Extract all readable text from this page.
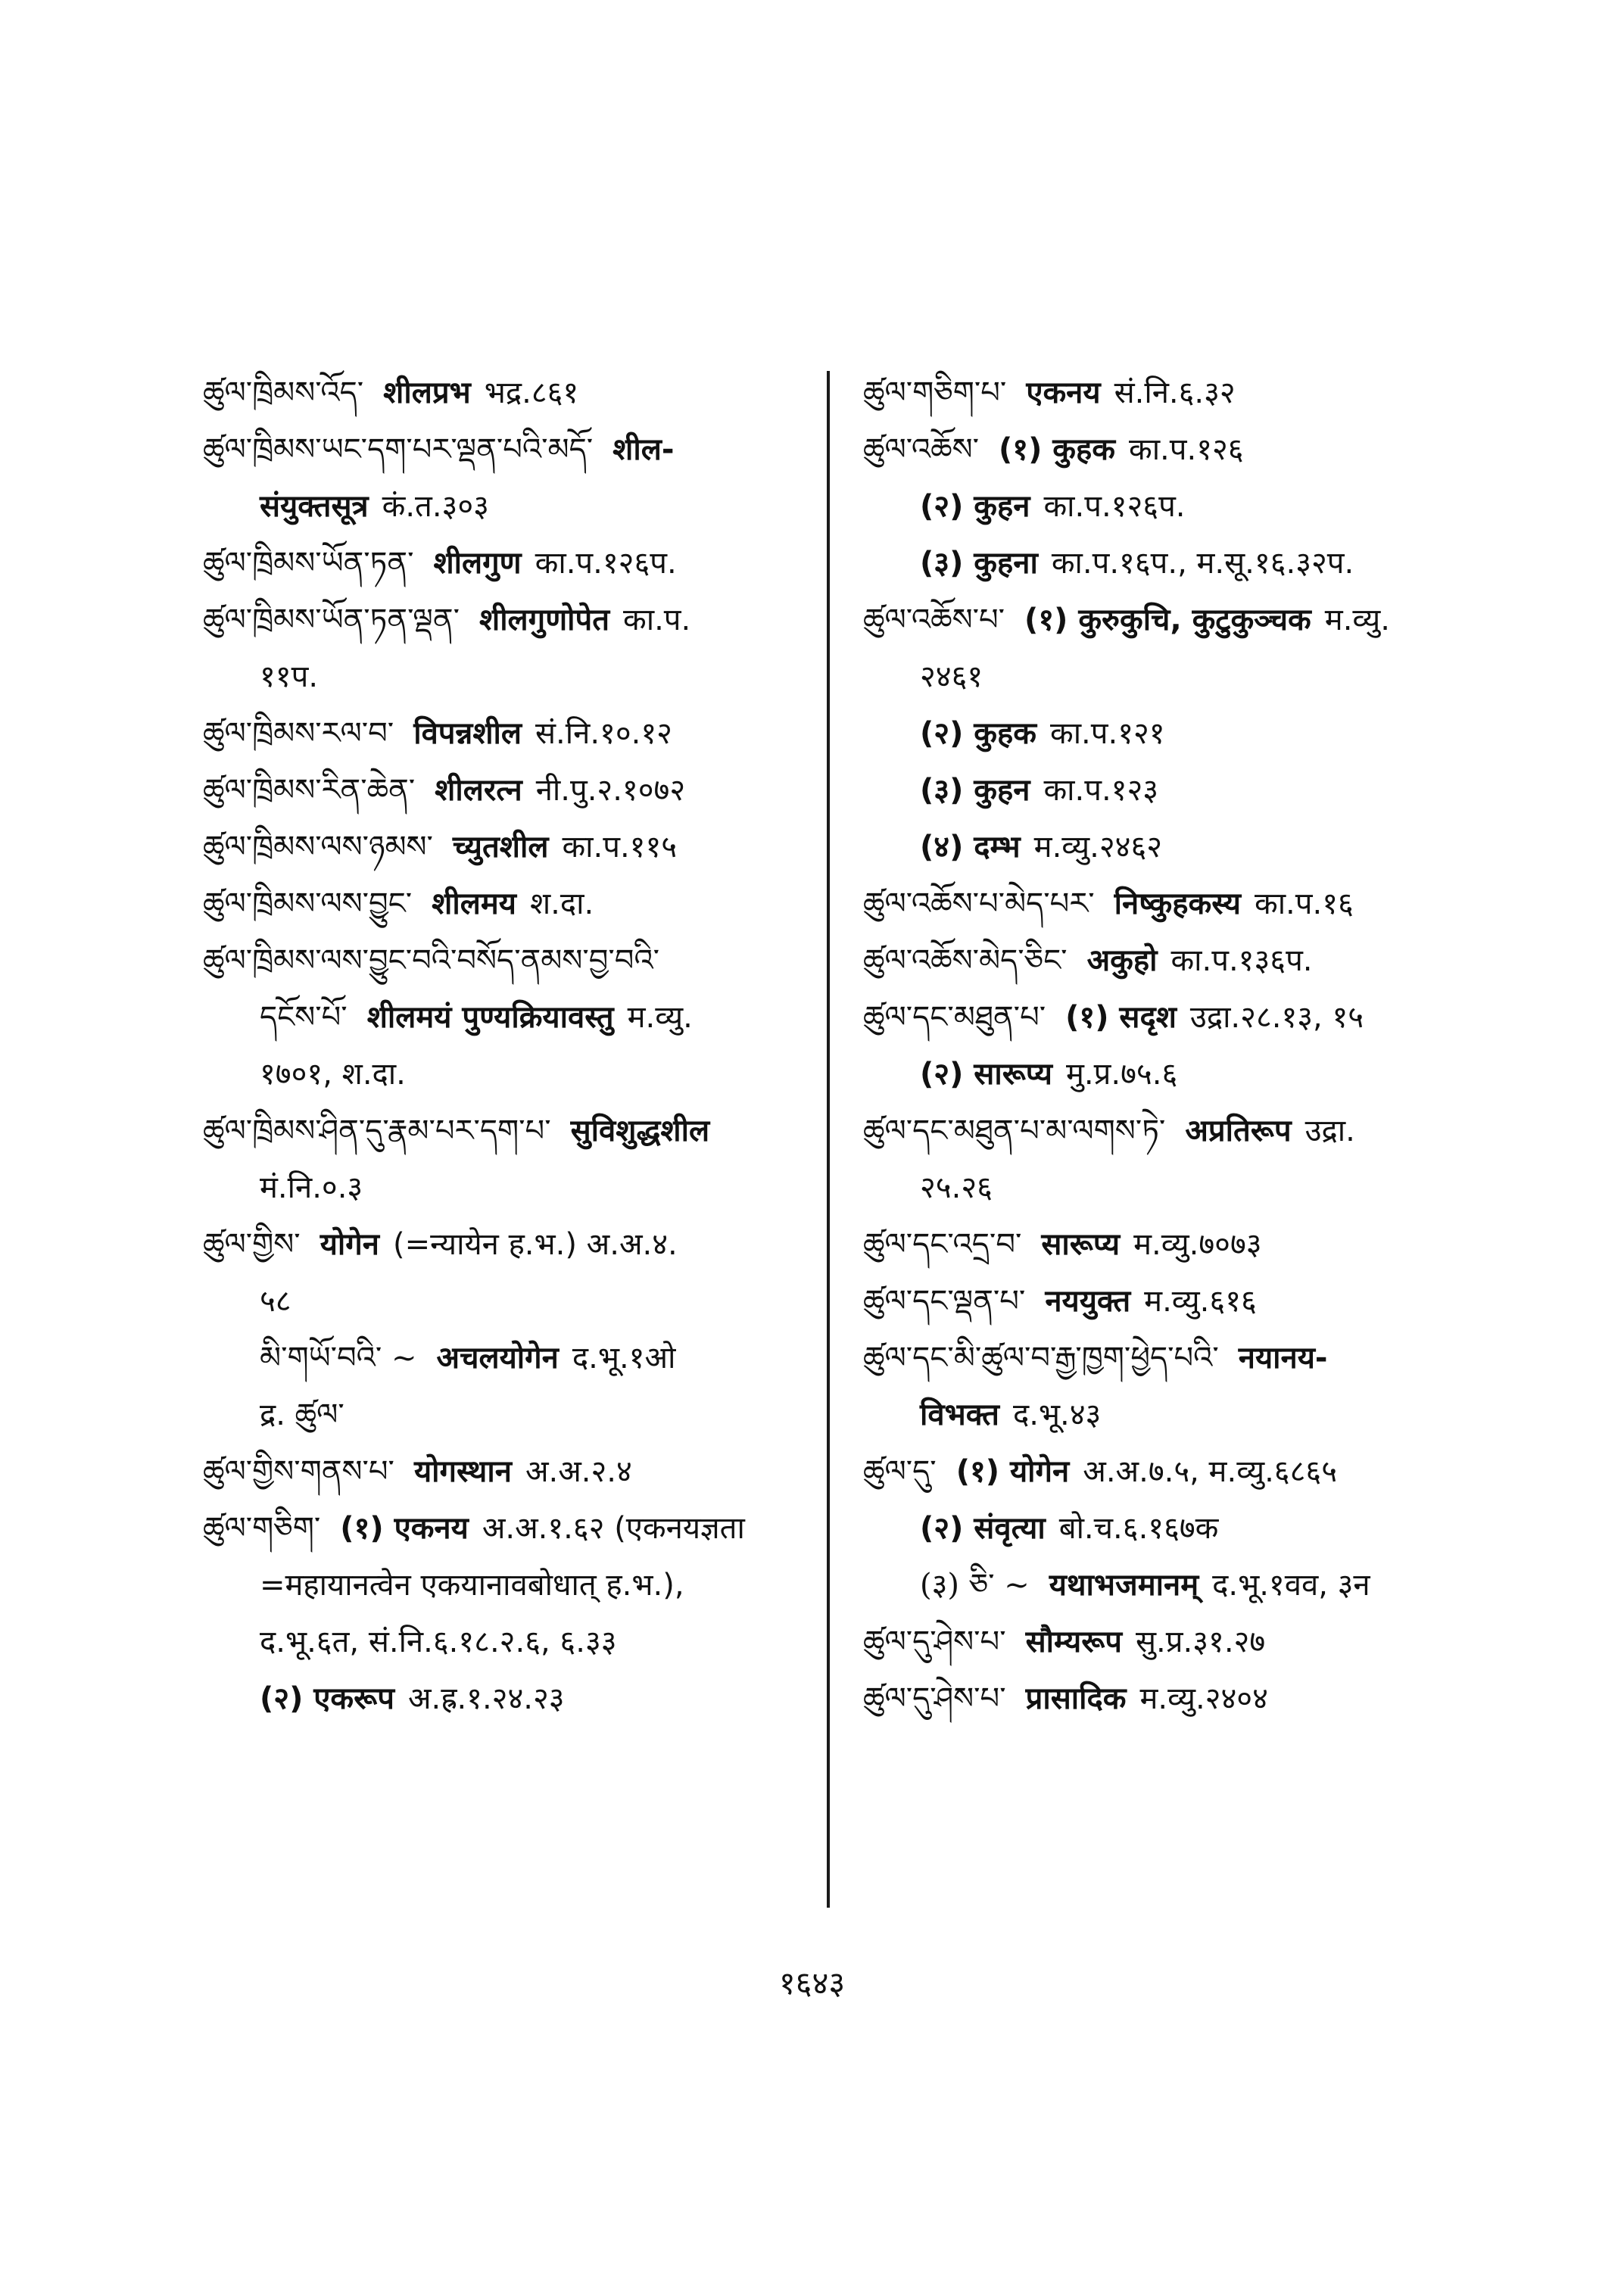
ཚུལ་ཁྲིམས་འོད་ शीलप्रभ भद्र.८६१
ཚུལ་ཁྲིམས་ཡང་དག་པར་ལྡན་པའི་མདོ་ शील-
संयुक्तसूत्र कं.त.३०३
ཚུལ་ཁྲིམས་ཡོན་ཏན་ शीलगुण का.प.१२६प.
ཚུལ་ཁྲིམས་ཡོན་ཏན་ལྡན་ शीलगुणोपेत का.प.
११प.
ཚུལ་ཁྲིམས་རལ་བ་ विपन्नशील सं.नि.१०.१२
ཚུལ་ཁྲིམས་རིན་ཆེན་ शीलरत्न नी.पु.२.१०७२
ཚུལ་ཁྲིམས་ལས་ཉམས་ च्युतशील का.प.११५
ཚུལ་ཁྲིམས་ལས་བྱུང་ शीलमय श.दा.
ཚུལ་ཁྲིམས་ལས་བྱུང་བའི་བསོད་ནམས་བྱ་བའི་
དངོས་པོ་ शीलमयं पुण्यक्रियावस्तु म.व्यु.
१७०१, श.दा.
ཚུལ་ཁྲིམས་ཤིན་དུ་རྣམ་པར་དག་པ་ सुविशुद्धशील
मं.नि.०.३
ཚུལ་གྱིས་ योगेन (=न्यायेन ह.भ.) अ.अ.४.
५८
མི་གཡོ་བའི་ ~ अचलयोगेन द.भू.१ओ
द्र. ཚུལ་
ཚུལ་གྱིས་གནས་པ་ योगस्थान अ.अ.२.४
ཚུལ་གཅིག་ (१) एकनय अ.अ.१.६२ (एकनयज्ञता
=महायानत्वेन एकयानावबोधात् ह.भ.),
द.भू.६त, सं.नि.६.१८.२.६, ६.३३
(२) एकरूप अ.ह्र.१.२४.२३
ཚུལ་གཅིག་པ་ एकनय सं.नि.६.३२
ཚུལ་འཆོས་ (१) कुहक का.प.१२६
(२) कुहन का.प.१२६प.
(३) कुहना का.प.१६प., म.सू.१६.३२प.
ཚུལ་འཆོས་པ་ (१) कुरुकुचि, कुटुकुञ्चक म.व्यु.
२४६१
(२) कुहक का.प.१२१
(३) कुहन का.प.१२३
(४) दम्भ म.व्यु.२४६२
ཚུལ་འཆོས་པ་མེད་པར་ निष्कुहकस्य का.प.१६
ཚུལ་འཆོས་མེད་ཅིང་ अकुहो का.प.१३६प.
ཚུལ་དང་མཐུན་པ་ (१) सदृश उद्रा.२८.१३, १५
(२) सारूप्य मु.प्र.७५.६
ཚུལ་དང་མཐུན་པ་མ་ལགས་ཏེ་ अप्रतिरूप उद्रा.
२५.२६
ཚུལ་དང་འདྲ་བ་ सारूप्य म.व्यु.७०७३
ཚུལ་དང་ལྡན་པ་ नययुक्त म.व्यु.६१६
ཚུལ་དང་མི་ཚུལ་བ་རྒྱ་ཁྱག་ཕྱེད་པའི་ नयानय-
विभक्त द.भू.४३
ཚུལ་དུ་ (१) योगेन अ.अ.७.५, म.व्यु.६८६५
(२) संवृत्या बो.च.६.१६७क
(३) ཅི་ ~ यथाभजमानम् द.भू.१वव, ३न
ཚུལ་དུ་ཤེས་པ་ सौम्यरूप सु.प्र.३१.२७
ཚུལ་དུ་ཤེས་པ་ प्रासादिक म.व्यु.२४०४
१६४३
